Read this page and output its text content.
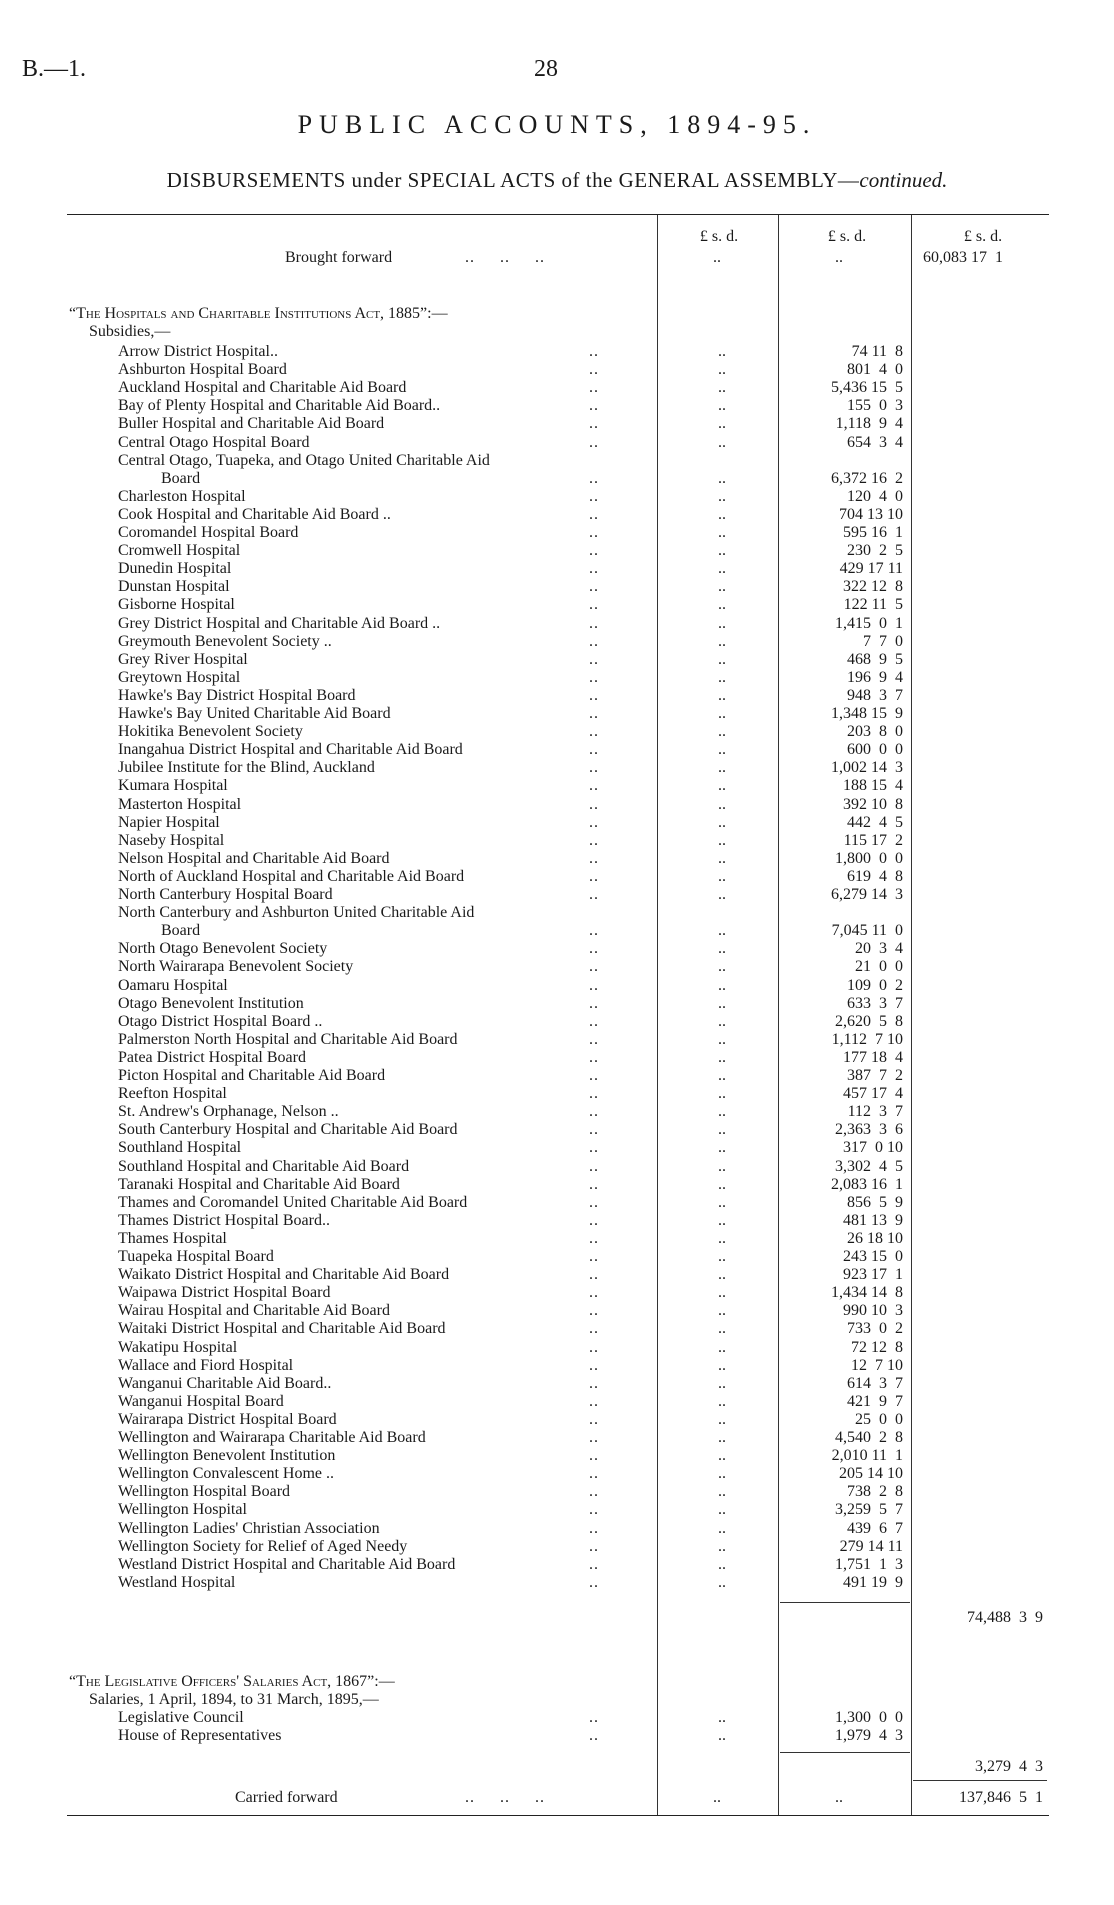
B.—1.	28
PUBLIC ACCOUNTS, 1894-95.
DISBURSEMENTS under SPECIAL ACTS of the GENERAL ASSEMBLY—continued.
£ s. d.	£ s. d.	£ s. d.
Brought forward	..     ..     ..	..	..	60,083 17  1
“The Hospitals and Charitable Institutions Act, 1885”:—
Subsidies,—
Arrow District Hospital..	..	..	74 11  8
Ashburton Hospital Board	..	..	801  4  0
Auckland Hospital and Charitable Aid Board	..	..	5,436 15  5
Bay of Plenty Hospital and Charitable Aid Board..	..	..	155  0  3
Buller Hospital and Charitable Aid Board	..	..	1,118  9  4
Central Otago Hospital Board	..	..	654  3  4
Central Otago, Tuapeka, and Otago United Charitable Aid
Board	..	..	6,372 16  2
Charleston Hospital	..	..	120  4  0
Cook Hospital and Charitable Aid Board ..	..	..	704 13 10
Coromandel Hospital Board	..	..	595 16  1
Cromwell Hospital	..	..	230  2  5
Dunedin Hospital	..	..	429 17 11
Dunstan Hospital	..	..	322 12  8
Gisborne Hospital	..	..	122 11  5
Grey District Hospital and Charitable Aid Board ..	..	..	1,415  0  1
Greymouth Benevolent Society ..	..	..	7  7  0
Grey River Hospital	..	..	468  9  5
Greytown Hospital	..	..	196  9  4
Hawke's Bay District Hospital Board	..	..	948  3  7
Hawke's Bay United Charitable Aid Board	..	..	1,348 15  9
Hokitika Benevolent Society	..	..	203  8  0
Inangahua District Hospital and Charitable Aid Board	..	..	600  0  0
Jubilee Institute for the Blind, Auckland	..	..	1,002 14  3
Kumara Hospital	..	..	188 15  4
Masterton Hospital	..	..	392 10  8
Napier Hospital	..	..	442  4  5
Naseby Hospital	..	..	115 17  2
Nelson Hospital and Charitable Aid Board	..	..	1,800  0  0
North of Auckland Hospital and Charitable Aid Board	..	..	619  4  8
North Canterbury Hospital Board	..	..	6,279 14  3
North Canterbury and Ashburton United Charitable Aid
Board	..	..	7,045 11  0
North Otago Benevolent Society	..	..	20  3  4
North Wairarapa Benevolent Society	..	..	21  0  0
Oamaru Hospital	..	..	109  0  2
Otago Benevolent Institution	..	..	633  3  7
Otago District Hospital Board ..	..	..	2,620  5  8
Palmerston North Hospital and Charitable Aid Board	..	..	1,112  7 10
Patea District Hospital Board	..	..	177 18  4
Picton Hospital and Charitable Aid Board	..	..	387  7  2
Reefton Hospital	..	..	457 17  4
St. Andrew's Orphanage, Nelson ..	..	..	112  3  7
South Canterbury Hospital and Charitable Aid Board	..	..	2,363  3  6
Southland Hospital	..	..	317  0 10
Southland Hospital and Charitable Aid Board	..	..	3,302  4  5
Taranaki Hospital and Charitable Aid Board	..	..	2,083 16  1
Thames and Coromandel United Charitable Aid Board	..	..	856  5  9
Thames District Hospital Board..	..	..	481 13  9
Thames Hospital	..	..	26 18 10
Tuapeka Hospital Board	..	..	243 15  0
Waikato District Hospital and Charitable Aid Board	..	..	923 17  1
Waipawa District Hospital Board	..	..	1,434 14  8
Wairau Hospital and Charitable Aid Board	..	..	990 10  3
Waitaki District Hospital and Charitable Aid Board	..	..	733  0  2
Wakatipu Hospital	..	..	72 12  8
Wallace and Fiord Hospital	..	..	12  7 10
Wanganui Charitable Aid Board..	..	..	614  3  7
Wanganui Hospital Board	..	..	421  9  7
Wairarapa District Hospital Board	..	..	25  0  0
Wellington and Wairarapa Charitable Aid Board	..	..	4,540  2  8
Wellington Benevolent Institution	..	..	2,010 11  1
Wellington Convalescent Home ..	..	..	205 14 10
Wellington Hospital Board	..	..	738  2  8
Wellington Hospital	..	..	3,259  5  7
Wellington Ladies' Christian Association	..	..	439  6  7
Wellington Society for Relief of Aged Needy	..	..	279 14 11
Westland District Hospital and Charitable Aid Board	..	..	1,751  1  3
Westland Hospital	..	..	491 19  9
74,488  3  9
“The Legislative Officers' Salaries Act, 1867”:—
Salaries, 1 April, 1894, to 31 March, 1895,—
Legislative Council	..	..	1,300  0  0
House of Representatives	..	..	1,979  4  3
3,279  4  3
Carried forward	..     ..     ..	..	..	137,846  5  1
